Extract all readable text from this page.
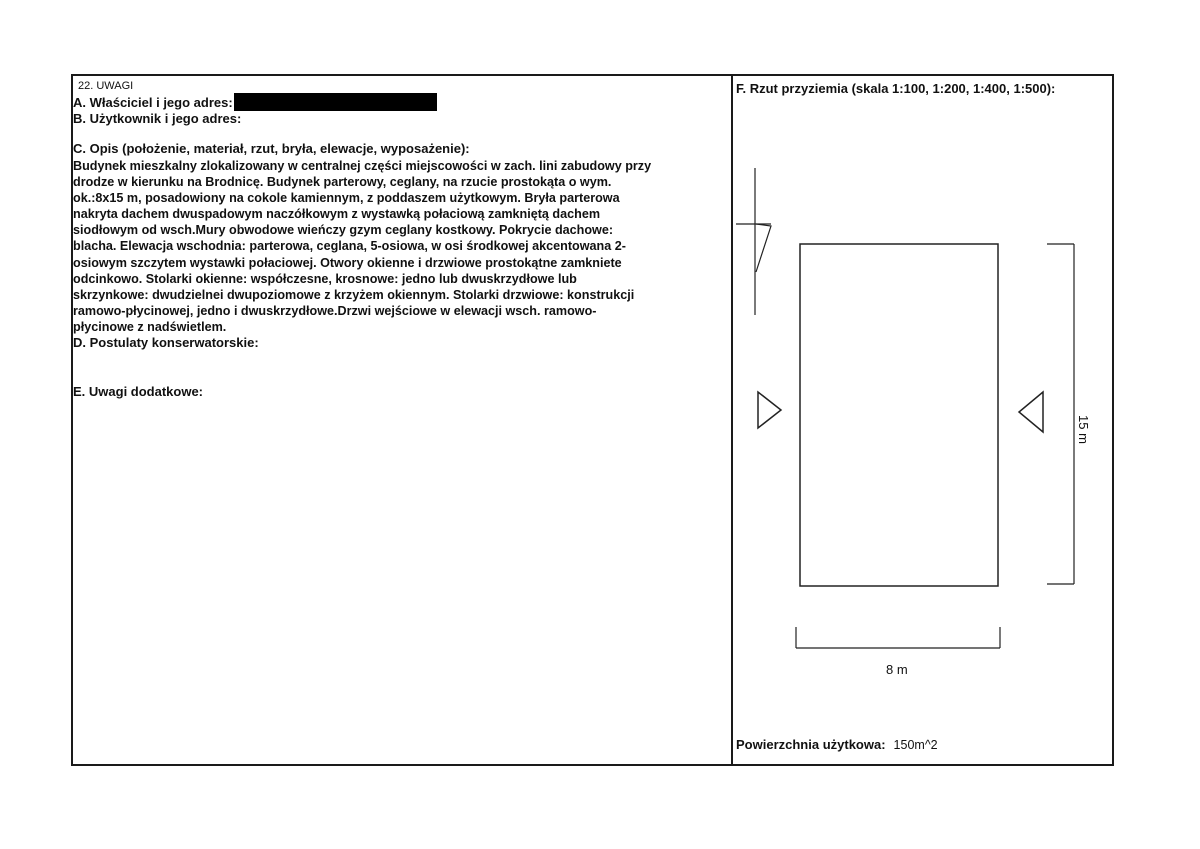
22. UWAGI
A. Właściciel i jego adres:
B. Użytkownik i jego adres:
C. Opis (położenie, materiał, rzut, bryła, elewacje, wyposażenie):
Budynek mieszkalny zlokalizowany w centralnej części miejscowości w zach. lini zabudowy przy
drodze w kierunku na Brodnicę. Budynek parterowy, ceglany, na rzucie prostokąta o wym.
ok.:8x15 m, posadowiony na cokole kamiennym, z poddaszem użytkowym. Bryła parterowa
nakryta dachem dwuspadowym naczółkowym z wystawką połaciową zamkniętą dachem
siodłowym od wsch.Mury obwodowe wieńczy gzym ceglany kostkowy. Pokrycie dachowe:
blacha. Elewacja wschodnia: parterowa, ceglana, 5-osiowa, w osi środkowej akcentowana 2-
osiowym szczytem wystawki połaciowej. Otwory okienne i drzwiowe prostokątne zamkniete
odcinkowo. Stolarki okienne: współczesne, krosnowe: jedno lub dwuskrzydłowe lub
skrzynkowe: dwudzielnei dwupoziomowe z krzyżem okiennym. Stolarki drzwiowe: konstrukcji
ramowo-płycinowej, jedno i dwuskrzydłowe.Drzwi wejściowe w elewacji wsch. ramowo-
płycinowe z nadświetlem.
D. Postulaty konserwatorskie:
E. Uwagi dodatkowe:
F. Rzut przyziemia (skala 1:100, 1:200, 1:400, 1:500):
8 m
15 m
Powierzchnia użytkowa: 150m^2
